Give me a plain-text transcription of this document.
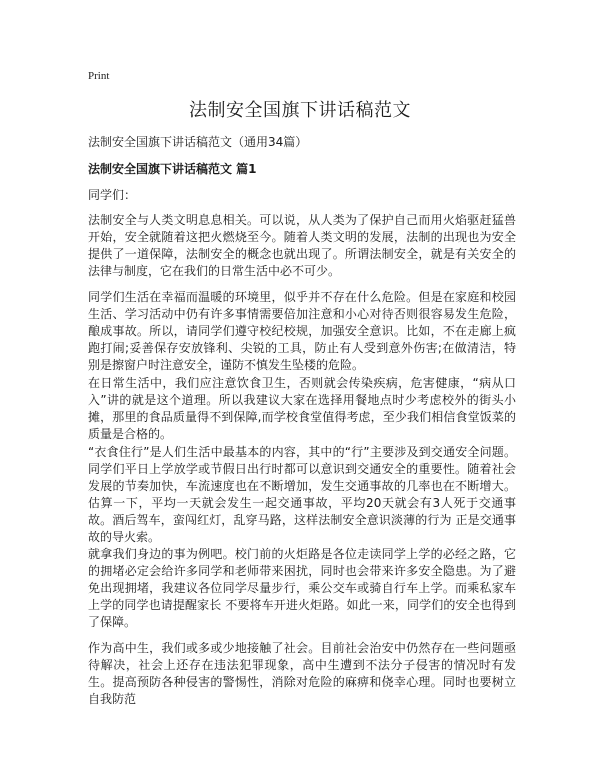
Print
法制安全国旗下讲话稿范文
法制安全国旗下讲话稿范文（通用34篇）
法制安全国旗下讲话稿范文 篇1
同学们：

法制安全与人类文明息息相关。可以说，从人类为了保护自己而用火焰驱赶猛兽开始，安全就随着这把火燃烧至今。随着人类文明的发展，法制的出现也为安全提供了一道保障，法制安全的概念也就出现了。所谓法制安全，就是有关安全的法律与制度，它在我们的日常生活中必不可少。

同学们生活在幸福而温暖的环境里，似乎并不存在什么危险。但是在家庭和校园生活、学习活动中仍有许多事情需要倍加注意和小心对待否则很容易发生危险，酿成事故。所以，请同学们遵守校纪校规，加强安全意识。比如，不在走廊上疯跑打闹;妥善保存安放锋利、尖锐的工具，防止有人受到意外伤害;在做清洁，特别是擦窗户时注意安全，谨防不慎发生坠楼的危险。

在日常生活中，我们应注意饮食卫生，否则就会传染疾病，危害健康，“病从口入”讲的就是这个道理。所以我建议大家在选择用餐地点时少考虑校外的街头小摊，那里的食品质量得不到保障,而学校食堂值得考虑，至少我们相信食堂饭菜的质量是合格的。

“衣食住行”是人们生活中最基本的内容，其中的“行”主要涉及到交通安全问题。同学们平日上学放学或节假日出行时都可以意识到交通安全的重要性。随着社会发展的节奏加快，车流速度也在不断增加，发生交通事故的几率也在不断增大。估算一下，平均一天就会发生一起交通事故，平均20天就会有3人死于交通事故。酒后驾车，蛮闯红灯，乱穿马路，这样法制安全意识淡薄的行为 正是交通事故的导火索。

就拿我们身边的事为例吧。校门前的火炬路是各位走读同学上学的必经之路，它的拥堵必定会给许多同学和老师带来困扰，同时也会带来许多安全隐患。为了避免出现拥堵，我建议各位同学尽量步行，乘公交车或骑自行车上学。而乘私家车上学的同学也请提醒家长 不要将车开进火炬路。如此一来，同学们的安全也得到了保障。

作为高中生，我们或多或少地接触了社会。目前社会治安中仍然存在一些问题亟待解决，社会上还存在违法犯罪现象，高中生遭到不法分子侵害的情况时有发生。提高预防各种侵害的警惕性，消除对危险的麻痹和侥幸心理。同时也要树立自我防范
